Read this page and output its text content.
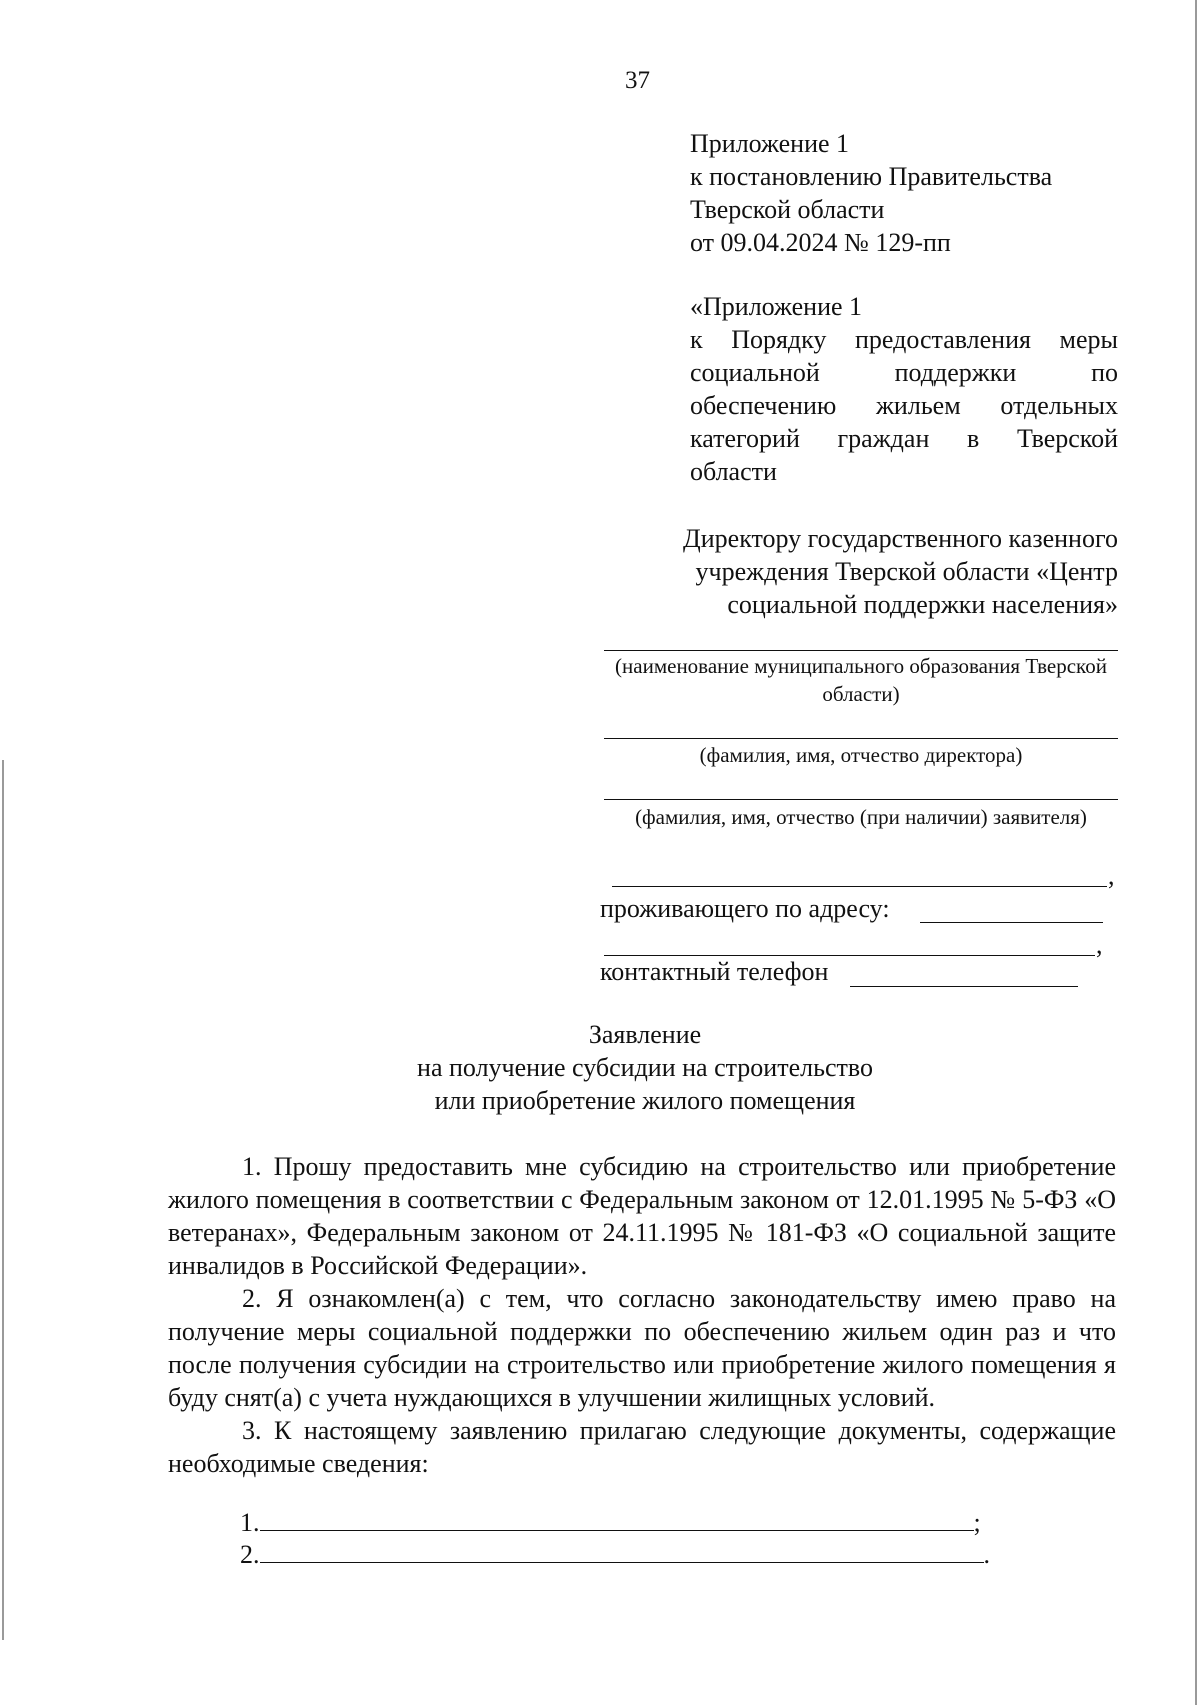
37
Приложение 1
к постановлению Правительства
Тверской области
от 09.04.2024 № 129-пп
«Приложение 1
к Порядку предоставления меры
социальной поддержки по
обеспечению жильем отдельных
категорий граждан в Тверской
области
Директору государственного казенного
учреждения Тверской области «Центр
социальной поддержки населения»
(наименование муниципального образования Тверской области)
(фамилия, имя, отчество директора)
(фамилия, имя, отчество (при наличии) заявителя)
,
проживающего по адресу:
,
контактный телефон
Заявление
на получение субсидии на строительство
или приобретение жилого помещения

1. Прошу предоставить мне субсидию на строительство или приобретение жилого помещения в соответствии с Федеральным законом от 12.01.1995 № 5-ФЗ «О ветеранах», Федеральным законом от 24.11.1995 № 181-ФЗ «О социальной защите инвалидов в Российской Федерации».

2. Я ознакомлен(а) с тем, что согласно законодательству имею право на получение меры социальной поддержки по обеспечению жильем один раз и что после получения субсидии на строительство или приобретение жилого помещения я буду снят(а) с учета нуждающихся в улучшении жилищных условий.

3. К настоящему заявлению прилагаю следующие документы, содержащие необходимые сведения:

1.	;
2.	.
